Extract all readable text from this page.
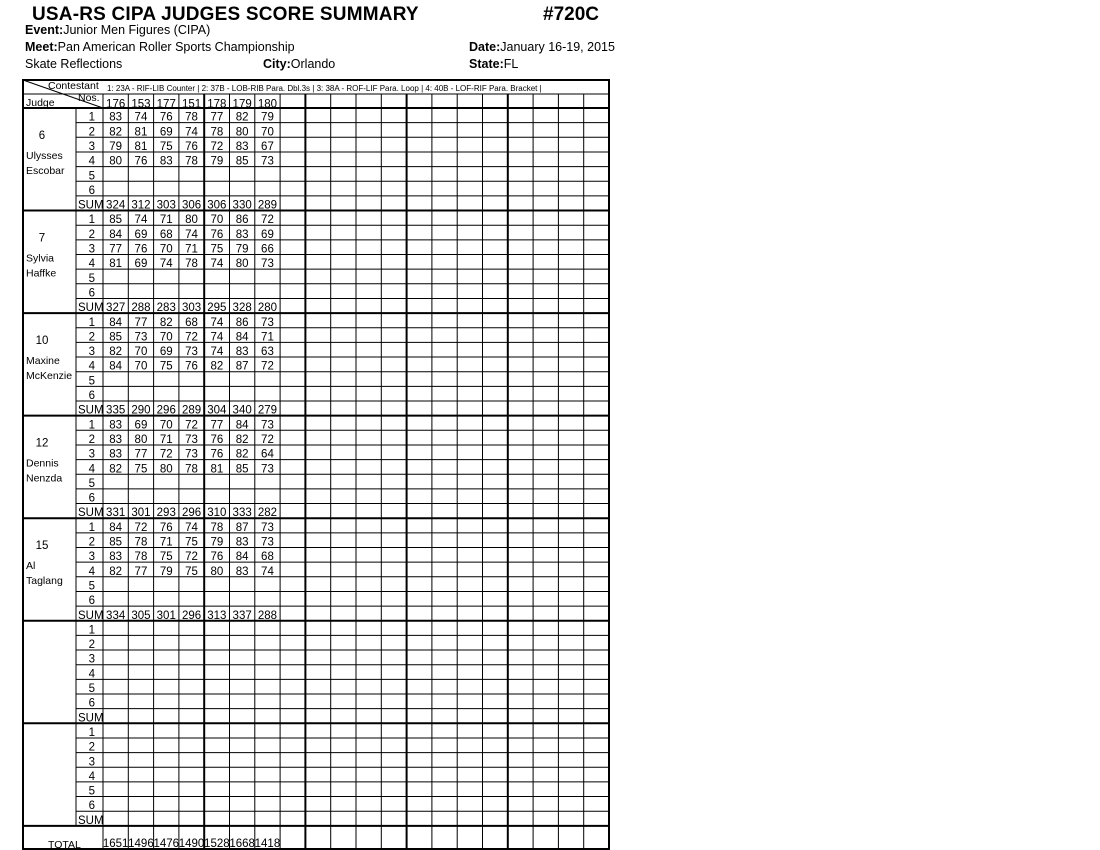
USA-RS CIPA JUDGES SCORE SUMMARY	#720C
Event:Junior Men Figures (CIPA)
Meet:Pan American Roller Sports Championship	Date:January 16-19, 2015
Skate Reflections	City:Orlando	State:FL
Contestant
Nos.
Judge
1: 23A - RIF-LIB Counter | 2: 37B - LOB-RIB Para. Dbl.3s | 3: 38A - ROF-LIF Para. Loop | 4: 40B - LOF-RIF Para. Bracket |
176 153 177 151 178 179 180
6
Ulysses
Escobar
1 83 74 76 78 77 82 79
2 82 81 69 74 78 80 70
3 79 81 75 76 72 83 67
4 80 76 83 78 79 85 73
5
6
SUM 324 312 303 306 306 330 289
7
Sylvia
Haffke
1 85 74 71 80 70 86 72
2 84 69 68 74 76 83 69
3 77 76 70 71 75 79 66
4 81 69 74 78 74 80 73
5
6
SUM 327 288 283 303 295 328 280
10
Maxine
McKenzie
1 84 77 82 68 74 86 73
2 85 73 70 72 74 84 71
3 82 70 69 73 74 83 63
4 84 70 75 76 82 87 72
5
6
SUM 335 290 296 289 304 340 279
12
Dennis
Nenzda
1 83 69 70 72 77 84 73
2 83 80 71 73 76 82 72
3 83 77 72 73 76 82 64
4 82 75 80 78 81 85 73
5
6
SUM 331 301 293 296 310 333 282
15
Al
Taglang
1 84 72 76 74 78 87 73
2 85 78 71 75 79 83 73
3 83 78 75 72 76 84 68
4 82 77 79 75 80 83 74
5
6
SUM 334 305 301 296 313 337 288
1
2
3
4
5
6
SUM
1
2
3
4
5
6
SUM
TOTAL 1651 1496 1476 1490 1528 1668 1418
